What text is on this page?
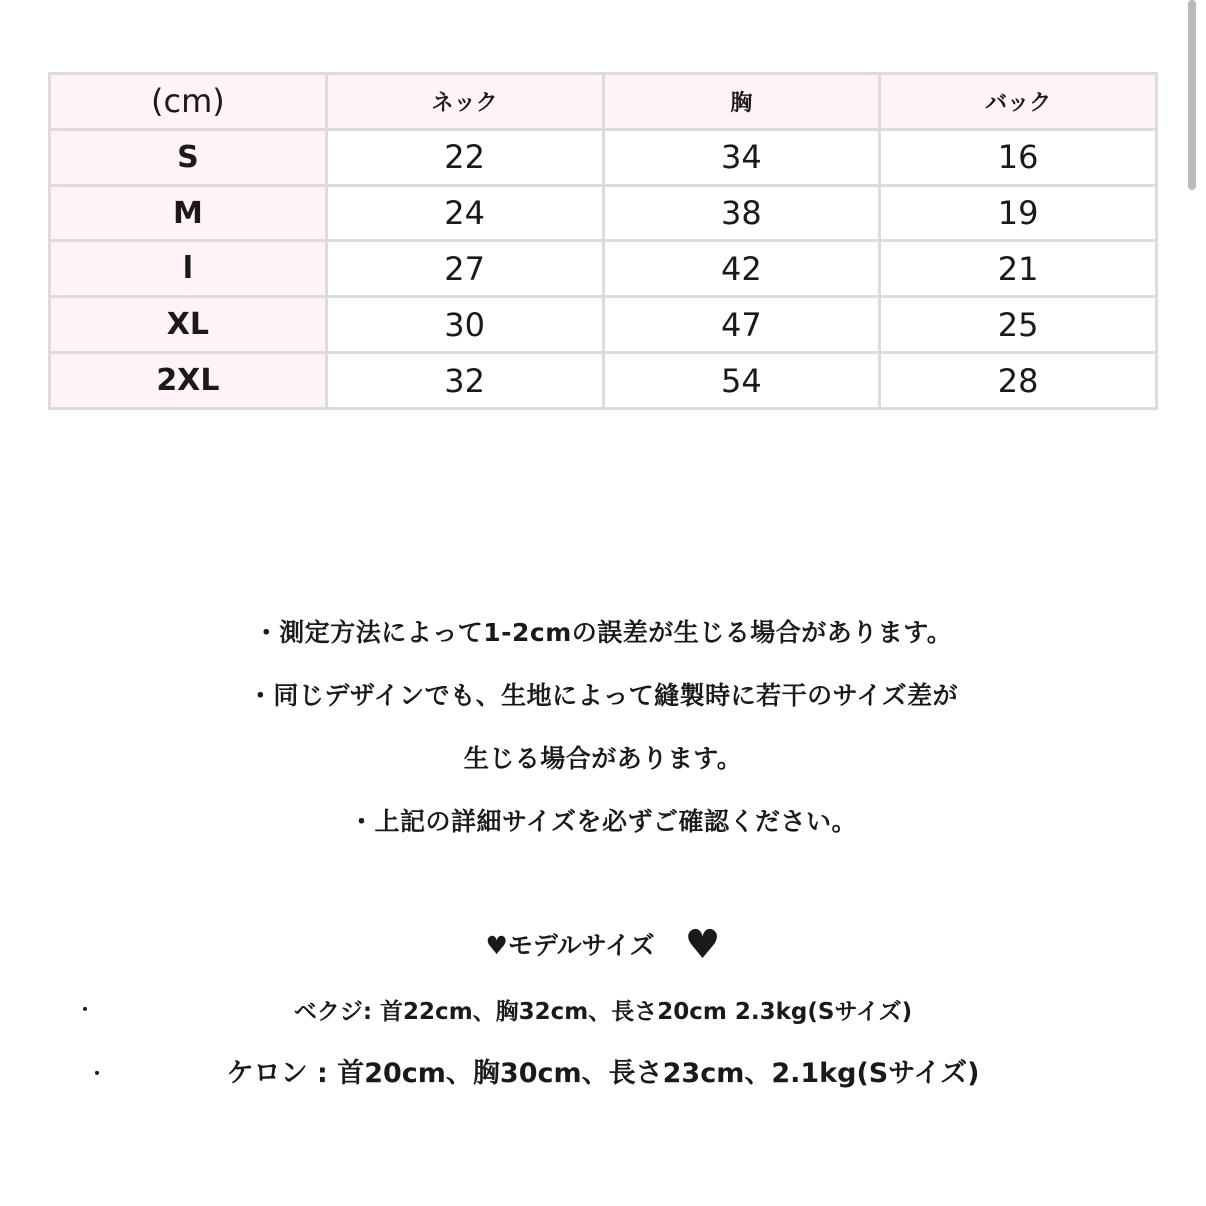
(cm)	ネック	胸	バック
S	22	34	16
M	24	38	19
l	27	42	21
XL	30	47	25
2XL	32	54	28
・測定方法によって1-2cmの誤差が生じる場合があります。
・同じデザインでも、生地によって縫製時に若干のサイズ差が
生じる場合があります。
・上記の詳細サイズを必ずご確認ください。
♥モデルサイズ ♥
・	ベクジ: 首22cm、胸32cm、長さ20cm 2.3kg(Sサイズ)
・	ケロン : 首20cm、胸30cm、長さ23cm、2.1kg(Sサイズ)
